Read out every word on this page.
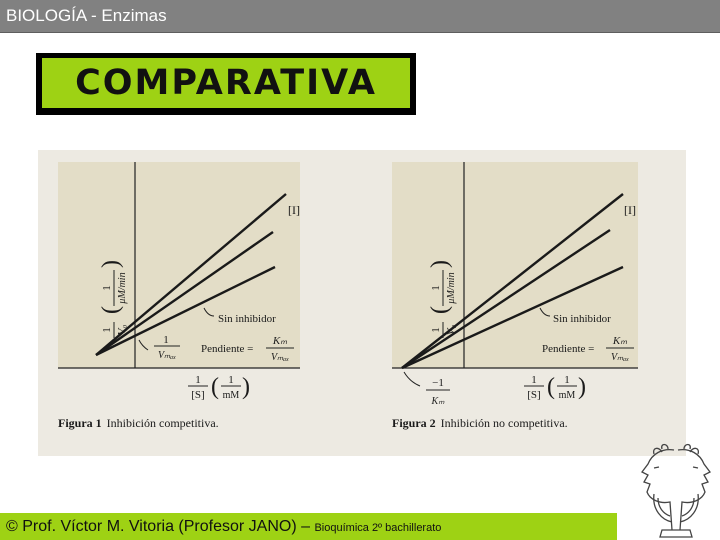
BIOLOGÍA - Enzimas
COMPARATIVA
1 V₀
(
1 μM/min
)
[I]
Sin inhibidor
1
Vₘₐₓ
Pendiente =
Kₘ
Vₘₐₓ
1
[S] ( 1
mM )
Figura 1 Inhibición competitiva.
1 V₀
(
1 μM/min
)
[I]
Sin inhibidor
Pendiente =
Kₘ
Vₘₐₓ
−1
Kₘ
1
[S] ( 1
mM )
Figura 2 Inhibición no competitiva.
© Prof. Víctor M. Vitoria (Profesor JANO) – Bioquímica 2º bachillerato
